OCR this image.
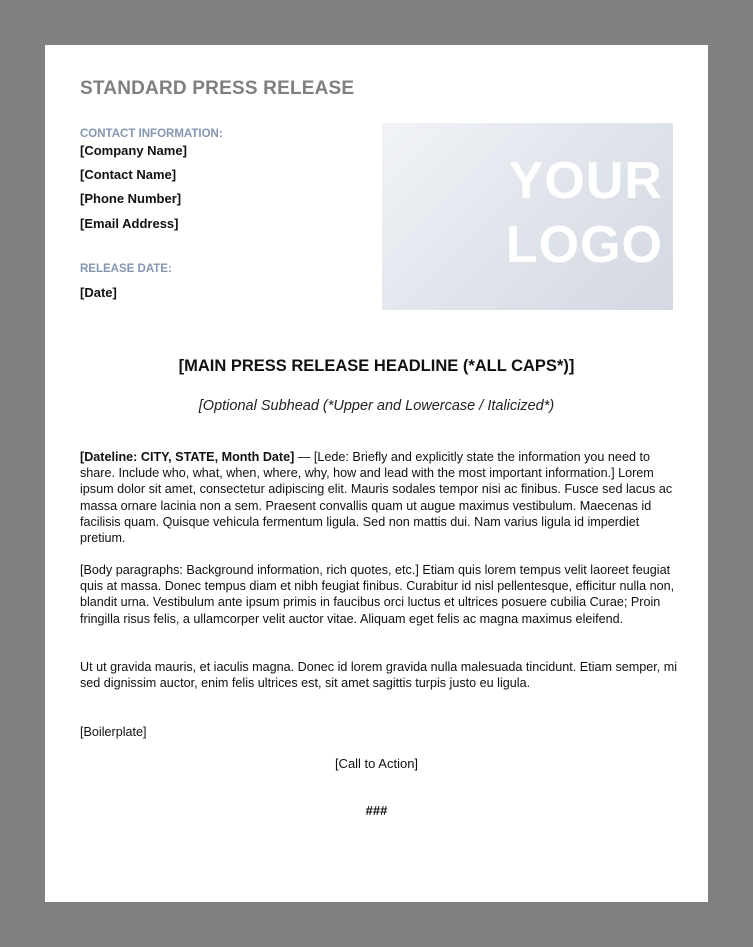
STANDARD PRESS RELEASE
CONTACT INFORMATION:
[Company Name]
[Contact Name]
[Phone Number]
[Email Address]
RELEASE DATE:
[Date]
YOUR
LOGO
[MAIN PRESS RELEASE HEADLINE (*ALL CAPS*)]
[Optional Subhead (*Upper and Lowercase / Italicized*)

[Dateline: CITY, STATE, Month Date] — [Lede: Briefly and explicitly state the information you need to share. Include who, what, when, where, why, how and lead with the most important information.] Lorem ipsum dolor sit amet, consectetur adipiscing elit. Mauris sodales tempor nisi ac finibus. Fusce sed lacus ac massa ornare lacinia non a sem. Praesent convallis quam ut augue maximus vestibulum. Maecenas id facilisis quam. Quisque vehicula fermentum ligula. Sed non mattis dui. Nam varius ligula id imperdiet pretium.

[Body paragraphs: Background information, rich quotes, etc.] Etiam quis lorem tempus velit laoreet feugiat quis at massa. Donec tempus diam et nibh feugiat finibus. Curabitur id nisl pellentesque, efficitur nulla non, blandit urna. Vestibulum ante ipsum primis in faucibus orci luctus et ultrices posuere cubilia Curae; Proin fringilla risus felis, a ullamcorper velit auctor vitae. Aliquam eget felis ac magna maximus eleifend.

Ut ut gravida mauris, et iaculis magna. Donec id lorem gravida nulla malesuada tincidunt. Etiam semper, mi sed dignissim auctor, enim felis ultrices est, sit amet sagittis turpis justo eu ligula.

[Boilerplate]

[Call to Action]
###
